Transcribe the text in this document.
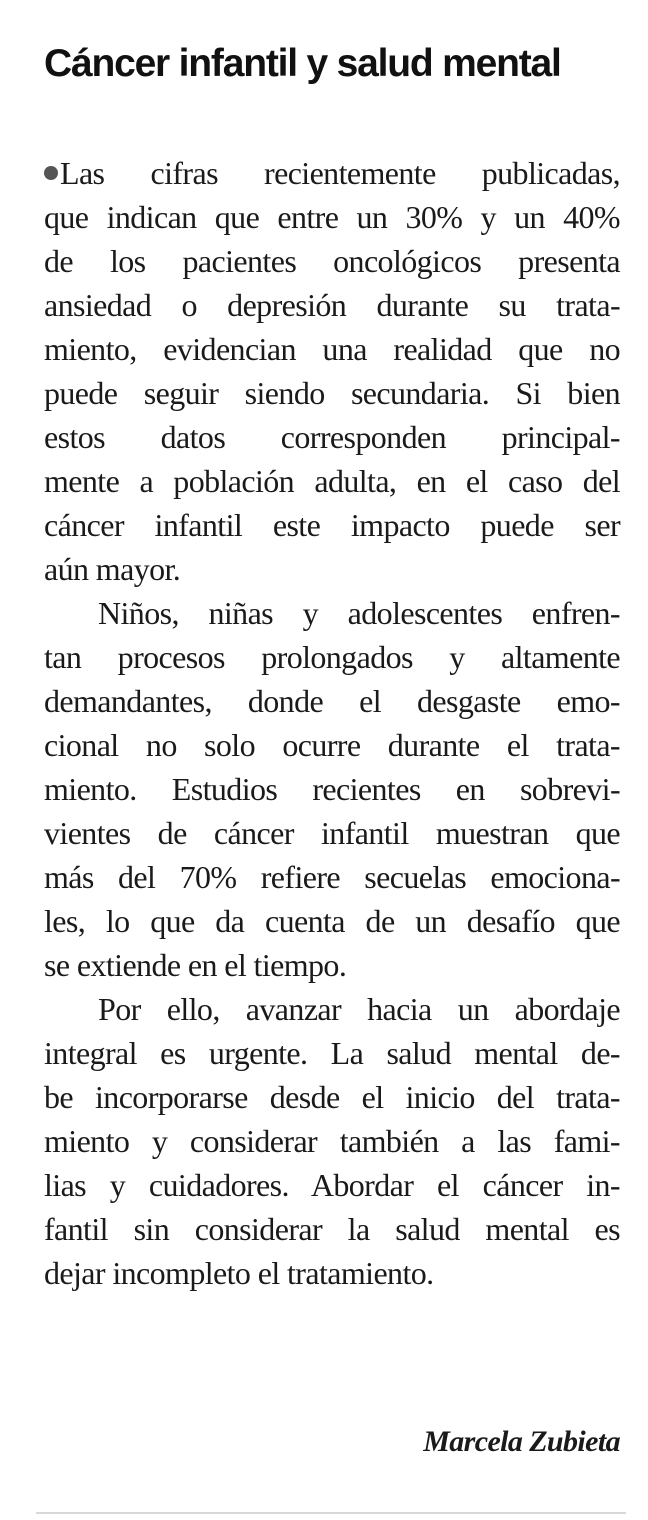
Cáncer infantil y salud mental
Las cifras recientemente publicadas,
que indican que entre un 30% y un 40%
de los pacientes oncológicos presenta
ansiedad o depresión durante su trata-
miento, evidencian una realidad que no
puede seguir siendo secundaria. Si bien
estos datos corresponden principal-
mente a población adulta, en el caso del
cáncer infantil este impacto puede ser
aún mayor.
Niños, niñas y adolescentes enfren-
tan procesos prolongados y altamente
demandantes, donde el desgaste emo-
cional no solo ocurre durante el trata-
miento. Estudios recientes en sobrevi-
vientes de cáncer infantil muestran que
más del 70% refiere secuelas emociona-
les, lo que da cuenta de un desafío que
se extiende en el tiempo.
Por ello, avanzar hacia un abordaje
integral es urgente. La salud mental de-
be incorporarse desde el inicio del trata-
miento y considerar también a las fami-
lias y cuidadores. Abordar el cáncer in-
fantil sin considerar la salud mental es
dejar incompleto el tratamiento.
Marcela Zubieta
